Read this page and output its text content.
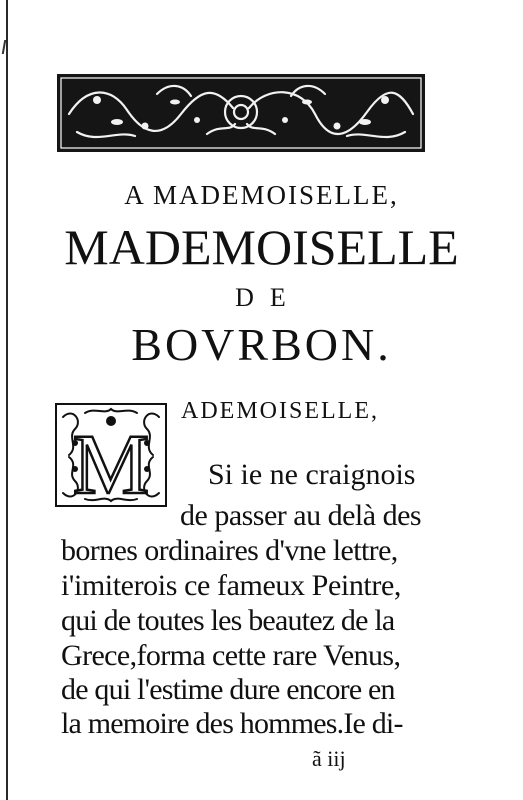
A MADEMOISELLE,
MADEMOISELLE
DE
BOVRBON.
M
ADEMOISELLE,
Si ie ne craignois
de passer au delà des
bornes ordinaires d'vne lettre,
i'imiterois ce fameux Peintre,
qui de toutes les beautez de la
Grece,forma cette rare Venus,
de qui l'estime dure encore en
la memoire des hommes.Ie di-
ã iij
